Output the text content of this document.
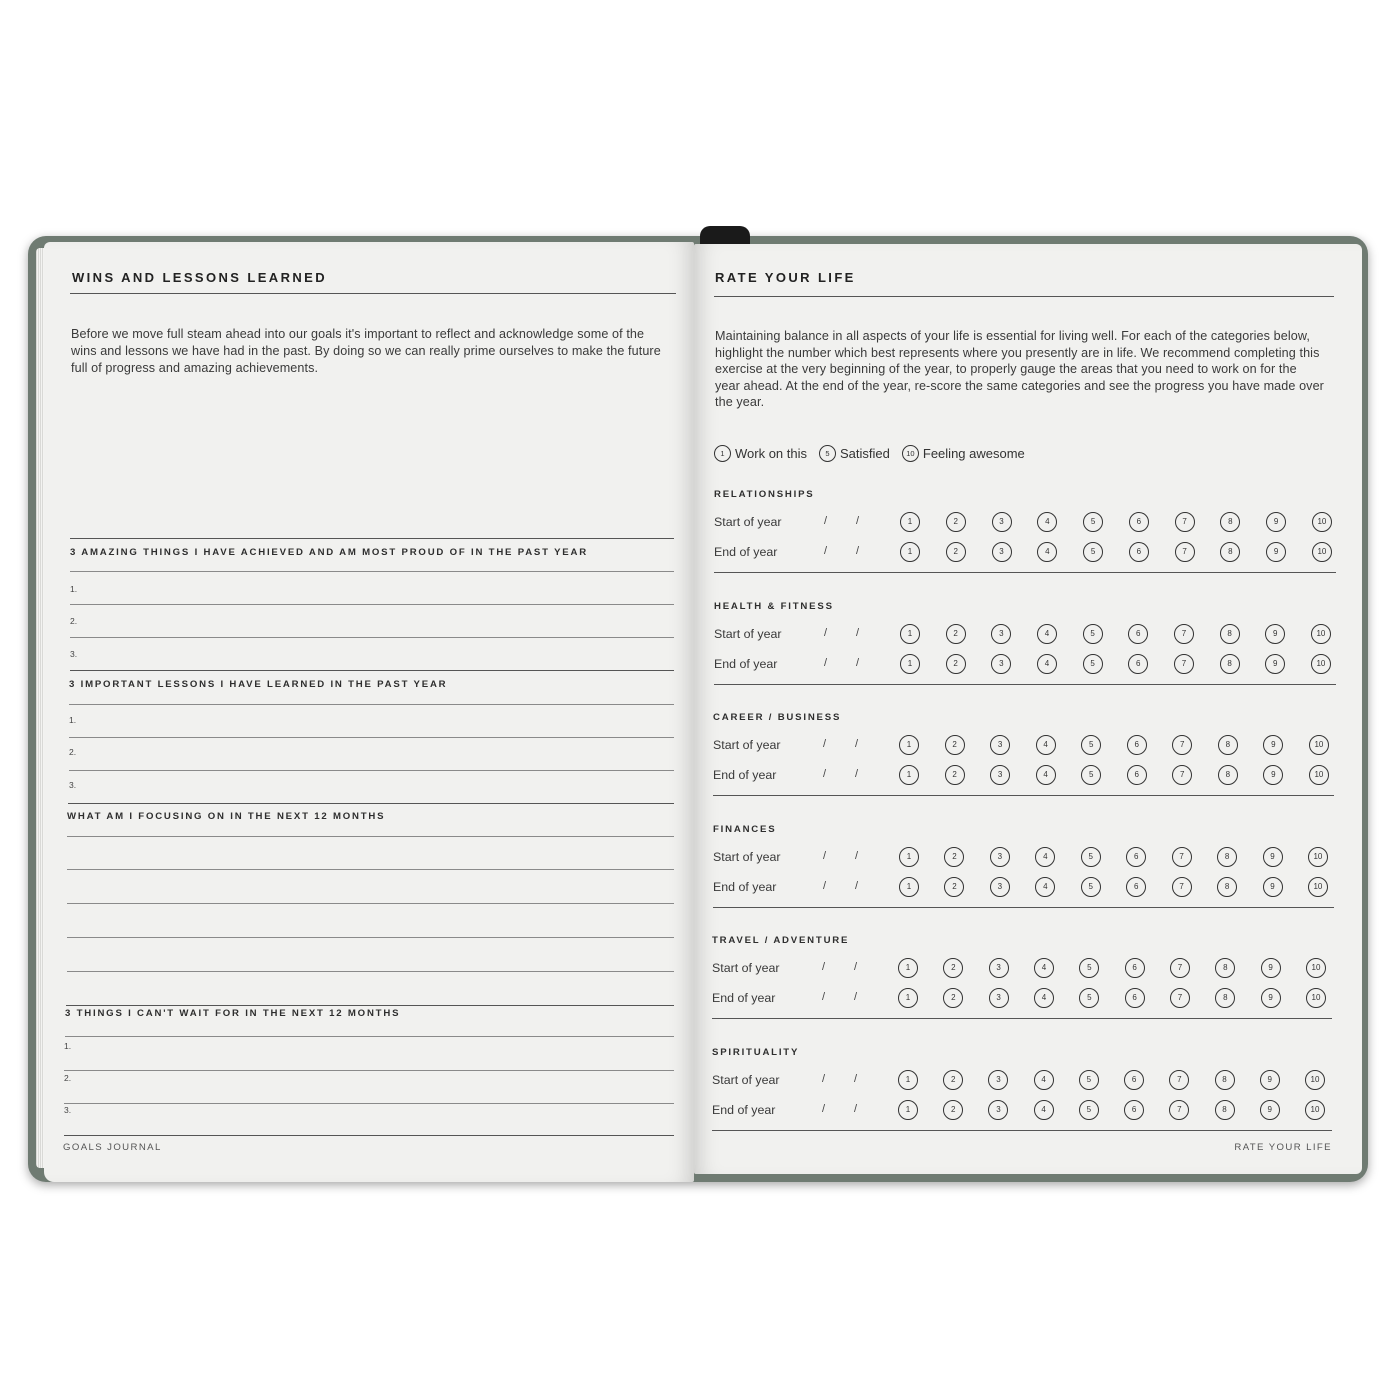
WINS AND LESSONS LEARNED
Before we move full steam ahead into our goals it's important to reflect and acknowledge some of the wins and lessons we have had in the past. By doing so we can really prime ourselves to make the future full of progress and amazing achievements.
3 AMAZING THINGS I HAVE ACHIEVED AND AM MOST PROUD OF IN THE PAST YEAR
1.
2.
3.
3 IMPORTANT LESSONS I HAVE LEARNED IN THE PAST YEAR
1.
2.
3.
WHAT AM I FOCUSING ON IN THE NEXT 12 MONTHS
3 THINGS I CAN'T WAIT FOR IN THE NEXT 12 MONTHS
1.
2.
3.
GOALS JOURNAL
RATE YOUR LIFE
Maintaining balance in all aspects of your life is essential for living well. For each of the categories below, highlight the number which best represents where you presently are in life. We recommend completing this exercise at the very beginning of the year, to properly gauge the areas that you need to work on for the year ahead. At the end of the year, re-score the same categories and see the progress you have made over the year.
1 Work on this	5 Satisfied	10 Feeling awesome
RELATIONSHIPS
Start of year	/	/	1	2	3	4	5	6	7	8	9	10
End of year	/	/	1	2	3	4	5	6	7	8	9	10
HEALTH & FITNESS
Start of year	/	/	1	2	3	4	5	6	7	8	9	10
End of year	/	/	1	2	3	4	5	6	7	8	9	10
CAREER / BUSINESS
Start of year	/	/	1	2	3	4	5	6	7	8	9	10
End of year	/	/	1	2	3	4	5	6	7	8	9	10
FINANCES
Start of year	/	/	1	2	3	4	5	6	7	8	9	10
End of year	/	/	1	2	3	4	5	6	7	8	9	10
TRAVEL / ADVENTURE
Start of year	/	/	1	2	3	4	5	6	7	8	9	10
End of year	/	/	1	2	3	4	5	6	7	8	9	10
SPIRITUALITY
Start of year	/	/	1	2	3	4	5	6	7	8	9	10
End of year	/	/	1	2	3	4	5	6	7	8	9	10
RATE YOUR LIFE
